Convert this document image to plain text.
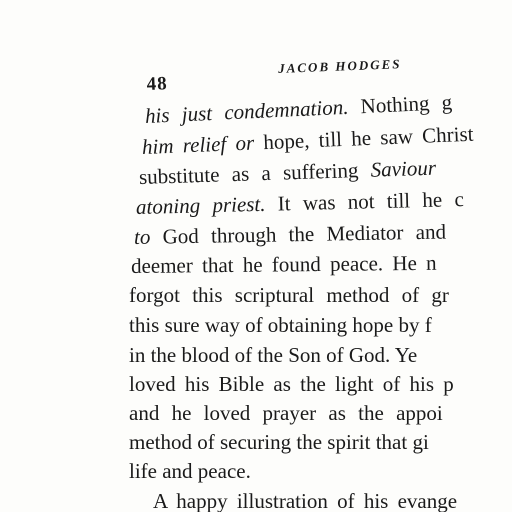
48
JACOB HODGES
his just condemnation. Nothing g
him relief or hope, till he saw Christ
substitute as a suffering Saviour
atoning priest. It was not till he c
to God through the Mediator and
deemer that he found peace. He n
forgot this scriptural method of gr
this sure way of obtaining hope by f
in the blood of the Son of God. Ye
loved his Bible as the light of his p
and he loved prayer as the appoi
method of securing the spirit that gi
life and peace.
A happy illustration of his evange
